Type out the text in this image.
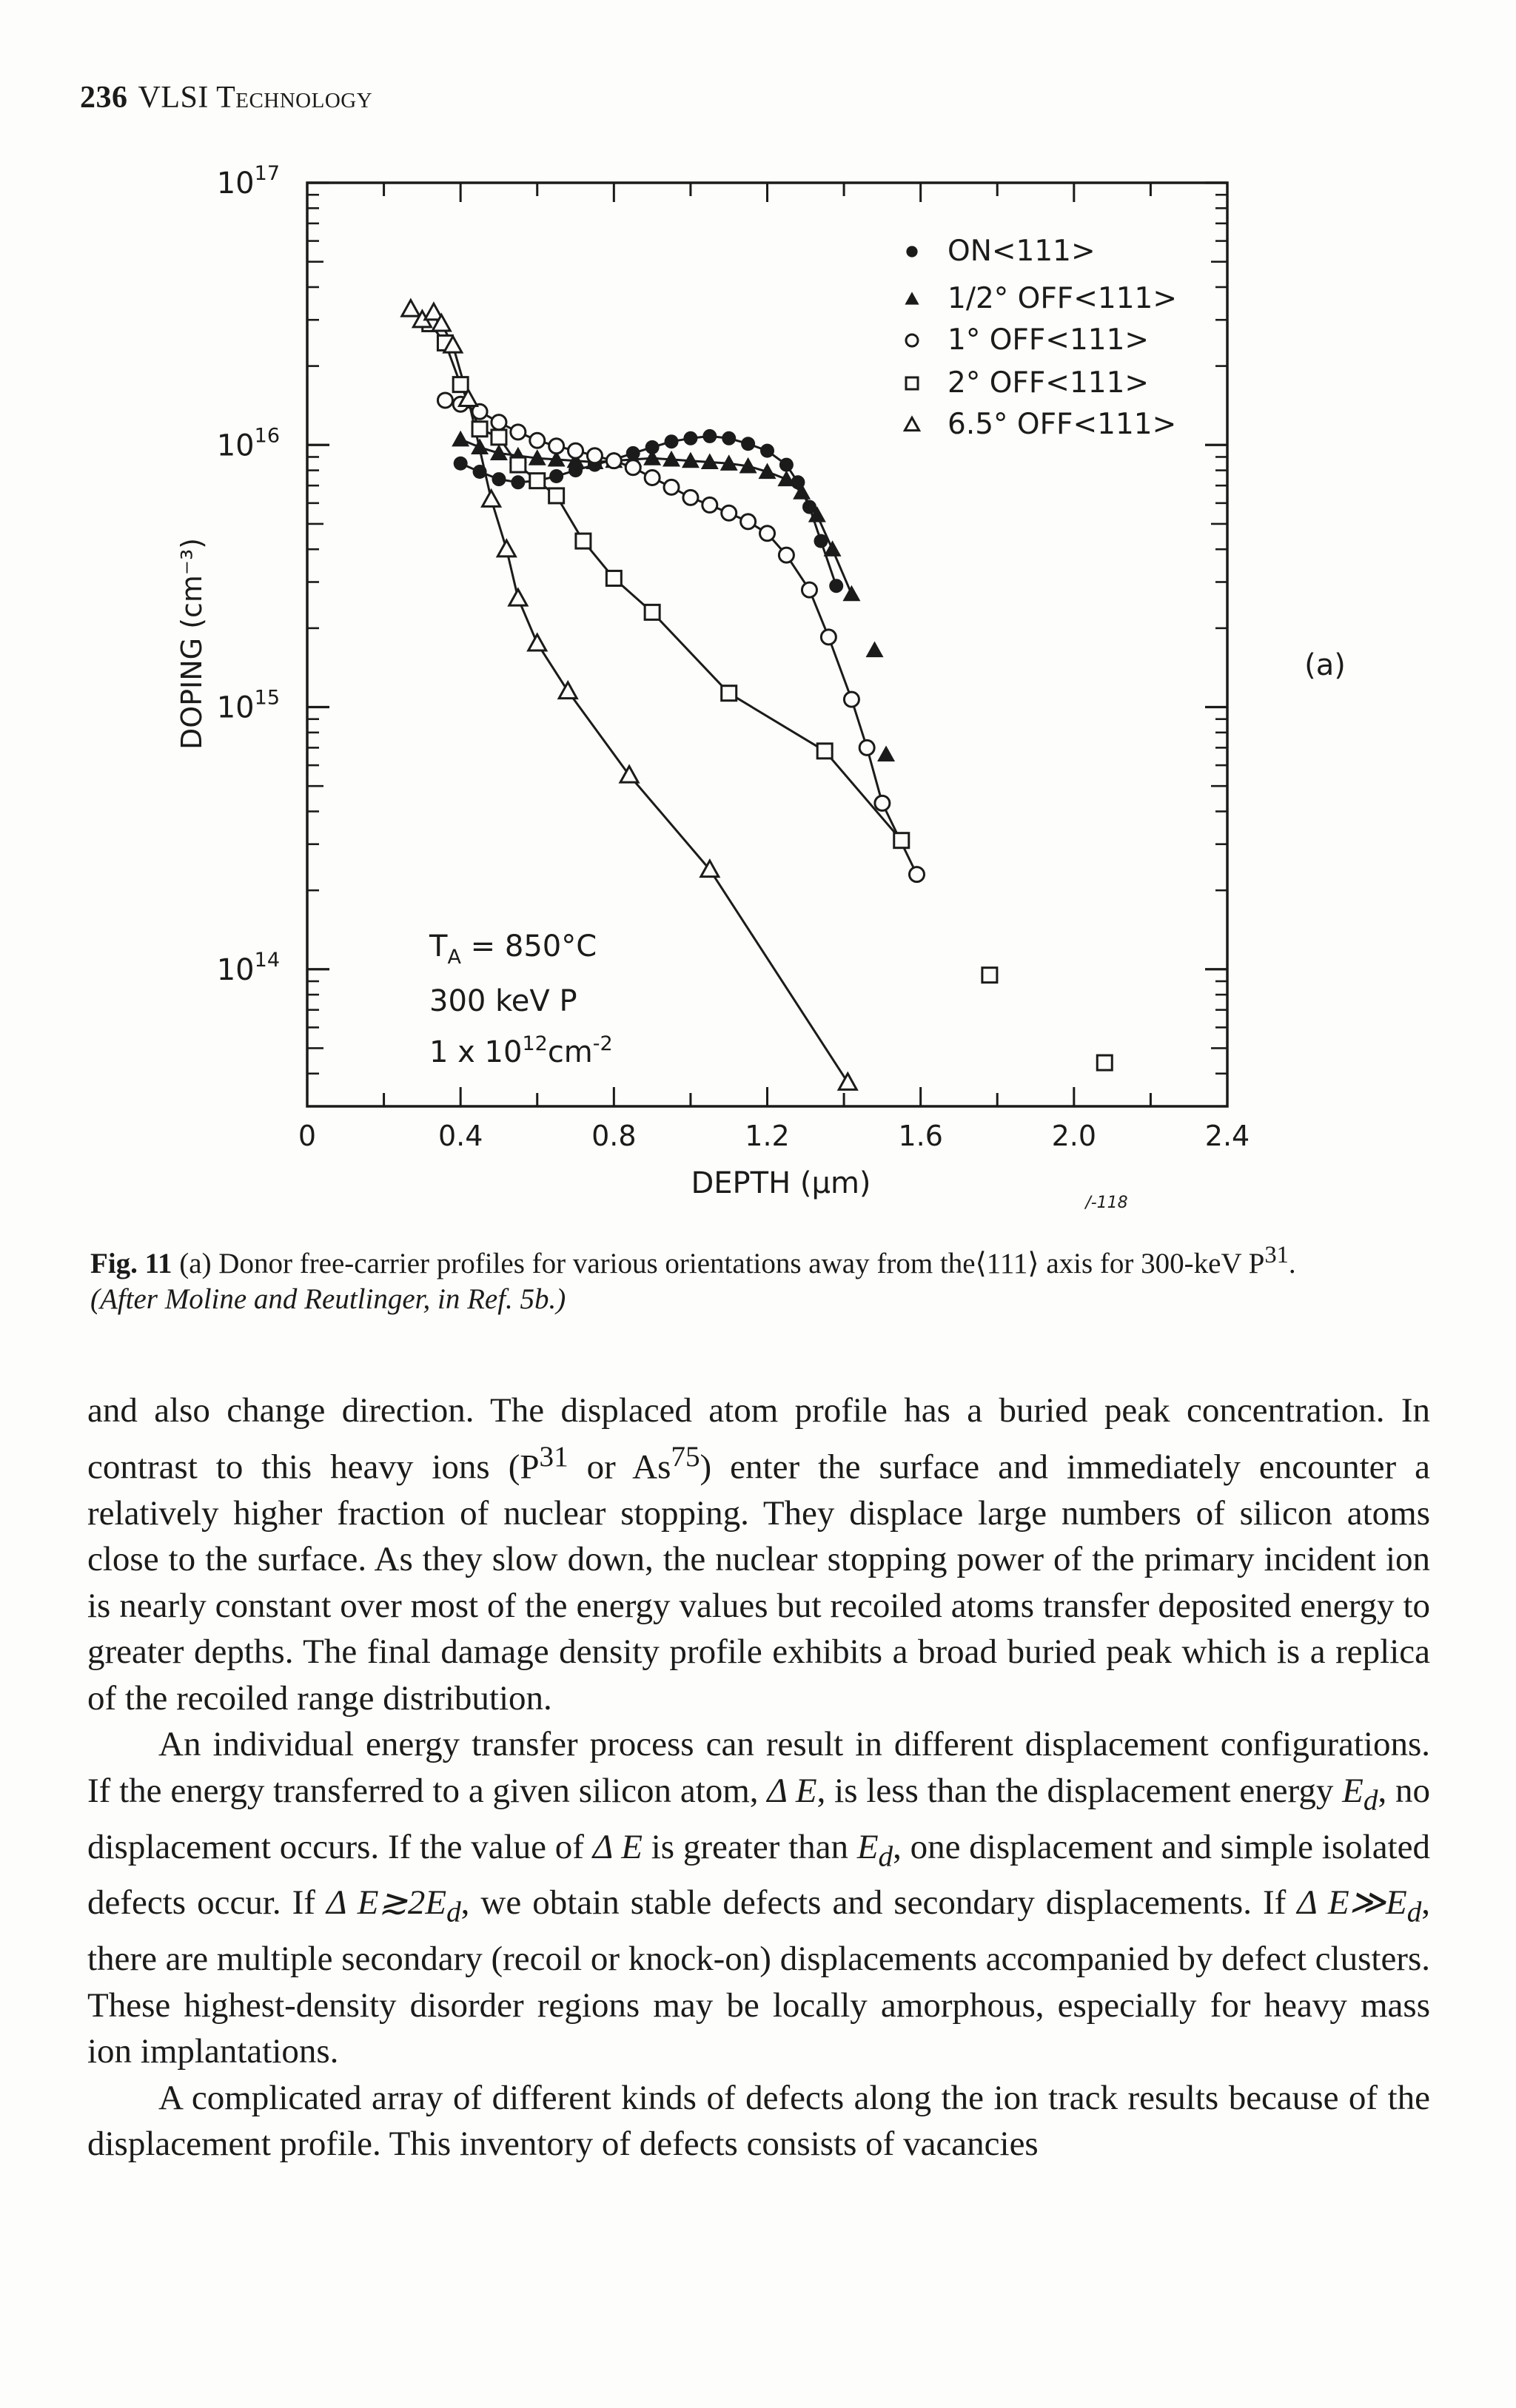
236 VLSI Technology
ON<111>
1/2° OFF<111>
1° OFF<111>
2° OFF<111>
6.5° OFF<111>
0	0.4	0.8	1.2	1.6	2.0	2.4
$10^{17}$
$10^{16}$
$10^{15}$
$10^{14}$
DEPTH (μm)
DOPING (cm⁻³)	(a)
/-118
$T_A = 850^\circ C$
300 keV P
1 x $10^{12}cm^{-2}$
Fig. 11 (a) Donor free-carrier profiles for various orientations away from the⟨111⟩ axis for 300-keV $P^{31}$.
(After Moline and Reutlinger, in Ref. 5b.)

and also change direction. The displaced atom profile has a buried peak concentration. In contrast to this heavy ions ($P^{31}$ or As$^{75}$) enter the surface and immediately encounter a relatively higher fraction of nuclear stopping. They displace large numbers of silicon atoms close to the surface. As they slow down, the nuclear stopping power of the primary incident ion is nearly constant over most of the energy values but recoiled atoms transfer deposited energy to greater depths. The final damage density profile exhibits a broad buried peak which is a replica of the recoiled range distribution.

An individual energy transfer process can result in different displacement configurations. If the energy transferred to a given silicon atom, Δ E, is less than the displacement energy $E_d$, no displacement occurs. If the value of Δ E is greater than $E_d$, one displacement and simple isolated defects occur. If Δ $E≳2E_d$, we obtain stable defects and secondary displacements. If Δ $E≫E_d$, there are multiple secondary (recoil or knock-on) displacements accompanied by defect clusters. These highest-density disorder regions may be locally amorphous, especially for heavy mass ion implantations.

A complicated array of different kinds of defects along the ion track results because of the displacement profile. This inventory of defects consists of vacancies
